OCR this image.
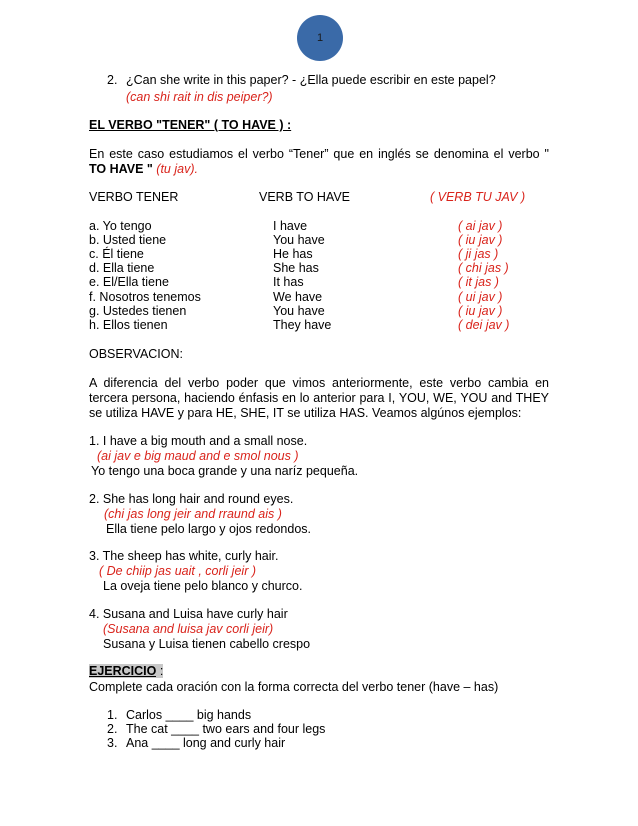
1
2. ¿Can she write in this paper? - ¿Ella puede escribir en este papel?
(can shi rait in dis peiper?)
EL VERBO "TENER" ( TO HAVE ) :
En este caso estudiamos el verbo “Tener” que en inglés se denomina el verbo "
TO HAVE " (tu jav).
VERBO TENER	VERB TO HAVE	( VERB TU JAV )
a. Yo tengo	I have	( ai jav )
b. Usted tiene	You have	( iu jav )
c. Él tiene	He has	( ji jas )
d. Ella tiene	She has	( chi jas )
e. El/Ella tiene	It has	( it jas )
f. Nosotros tenemos	We have	( ui jav )
g. Ustedes tienen	You have	( iu jav )
h. Ellos tienen	They have	( dei jav )
OBSERVACION:
A diferencia del verbo poder que vimos anteriormente, este verbo cambia en
tercera persona, haciendo énfasis en lo anterior para I, YOU, WE, YOU and THEY
se utiliza HAVE y para HE, SHE, IT se utiliza HAS. Veamos algúnos ejemplos:
1. I have a big mouth and a small nose.
(ai jav e big maud and e smol nous )
Yo tengo una boca grande y una naríz pequeña.
2. She has long hair and round eyes.
(chi jas long jeir and rraund ais )
Ella tiene pelo largo y ojos redondos.
3. The sheep has white, curly hair.
( De chiip jas uait , corli jeir )
La oveja tiene pelo blanco y churco.
4. Susana and Luisa have curly hair
(Susana and luisa jav corli jeir)
Susana y Luisa tienen cabello crespo
EJERCICIO :
Complete cada oración con la forma correcta del verbo tener (have – has)
1. Carlos ____ big hands
2. The cat ____ two ears and four legs
3. Ana ____ long and curly hair
